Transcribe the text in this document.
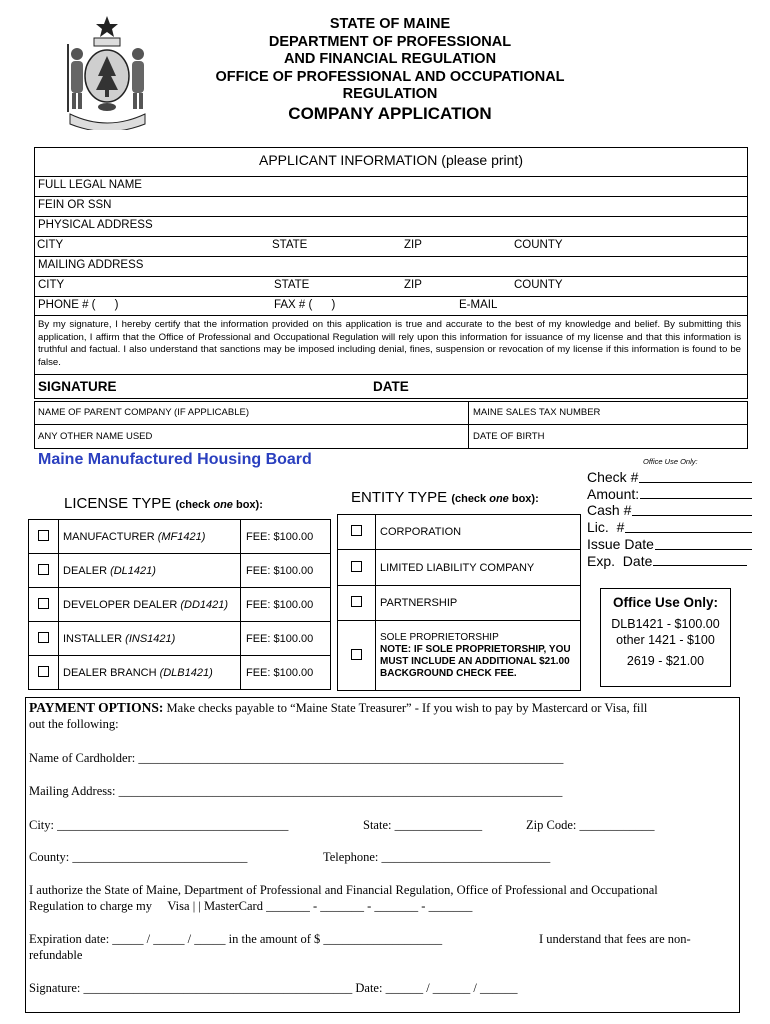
STATE OF MAINE
DEPARTMENT OF PROFESSIONAL
AND FINANCIAL REGULATION
OFFICE OF PROFESSIONAL AND OCCUPATIONAL
REGULATION
COMPANY APPLICATION
APPLICANT INFORMATION (please print)
FULL LEGAL NAME
FEIN OR SSN
PHYSICAL ADDRESS
CITY	STATE	ZIP	COUNTY
MAILING ADDRESS
CITY	STATE	ZIP	COUNTY
PHONE # (      )	FAX # (      )	E-MAIL
By my signature, I hereby certify that the information provided on this application is true and accurate to the best of my knowledge and belief. By submitting this application, I affirm that the Office of Professional and Occupational Regulation will rely upon this information for issuance of my license and that this information is truthful and factual. I also understand that sanctions may be imposed including denial, fines, suspension or revocation of my license if this information is found to be false.
SIGNATURE	DATE
NAME OF PARENT COMPANY (IF APPLICABLE)	MAINE SALES TAX NUMBER
ANY OTHER NAME USED	DATE OF BIRTH
Maine Manufactured Housing Board
LICENSE TYPE (check one box):
	MANUFACTURER (MF1421)	FEE: $100.00
	DEALER (DL1421)	FEE: $100.00
	DEVELOPER DEALER (DD1421)	FEE: $100.00
	INSTALLER (INS1421)	FEE: $100.00
	DEALER BRANCH (DLB1421)	FEE: $100.00
ENTITY TYPE (check one box):
	CORPORATION
	LIMITED LIABILITY COMPANY
	PARTNERSHIP

	SOLE PROPRIETORSHIP
NOTE: IF SOLE PROPRIETORSHIP, YOU MUST INCLUDE AN ADDITIONAL $21.00 BACKGROUND CHECK FEE.
Office Use Only:
Check #
Amount:
Cash #
Lic.  #
Issue Date
Exp.  Date
Office Use Only:
DLB1421 - $100.00
other 1421 - $100
2619 - $21.00
PAYMENT OPTIONS: Make checks payable to “Maine State Treasurer” - If you wish to pay by Mastercard or Visa, fill
out the following:
Name of Cardholder: ____________________________________________________________________
Mailing Address: _______________________________________________________________________
City: _____________________________________	State: ______________	Zip Code: ____________
County: ____________________________	Telephone: ___________________________
I authorize the State of Maine, Department of Professional and Financial Regulation, Office of Professional and Occupational
Regulation to charge my     Visa | | MasterCard _______ - _______ - _______ - _______
Expiration date: _____ / _____ / _____ in the amount of $ ___________________	I understand that fees are non-
refundable
Signature: ___________________________________________ Date: ______ / ______ / ______
